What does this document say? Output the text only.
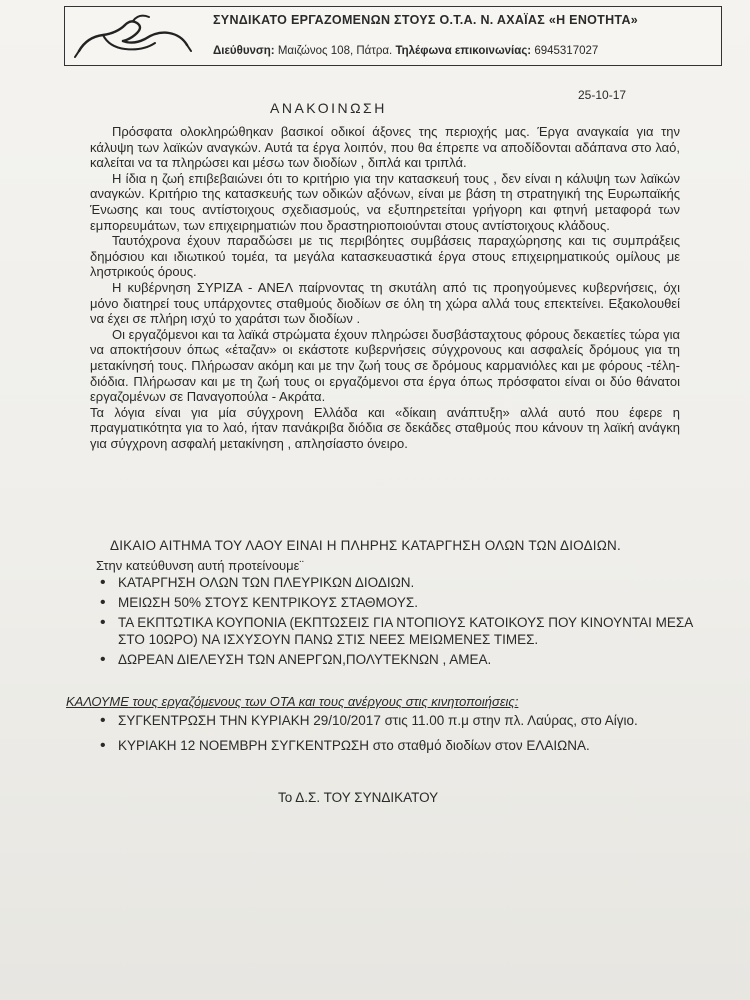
ΣΥΝΔΙΚΑΤΟ ΕΡΓΑΖΟΜΕΝΩΝ ΣΤΟΥΣ Ο.Τ.Α. Ν. ΑΧΑΪΑΣ «Η ΕΝΟΤΗΤΑ»
Διεύθυνση: Μαιζώνος 108, Πάτρα. Τηλέφωνα επικοινωνίας: 6945317027
25-10-17
ΑΝΑΚΟΙΝΩΣΗ

Πρόσφατα ολοκληρώθηκαν βασικοί οδικοί άξονες της περιοχής μας. Έργα αναγκαία για την κάλυψη των λαϊκών αναγκών. Αυτά τα έργα λοιπόν, που θα έπρεπε να αποδίδονται αδάπανα στο λαό, καλείται να τα πληρώσει και μέσω των διοδίων , διπλά και τριπλά.

Η ίδια η ζωή επιβεβαιώνει ότι το κριτήριο για την κατασκευή τους , δεν είναι η κάλυψη των λαϊκών αναγκών. Κριτήριο της κατασκευής των οδικών αξόνων, είναι με βάση τη στρατηγική της Ευρωπαϊκής Ένωσης και τους αντίστοιχους σχεδιασμούς, να εξυπηρετείται γρήγορη και φτηνή μεταφορά των εμπορευμάτων, των επιχειρηματιών που δραστηριοποιούνται στους αντίστοιχους κλάδους.

Ταυτόχρονα έχουν παραδώσει με τις περιβόητες συμβάσεις παραχώρησης και τις συμπράξεις δημόσιου και ιδιωτικού τομέα, τα μεγάλα κατασκευαστικά έργα στους επιχειρηματικούς ομίλους με ληστρικούς όρους.

Η κυβέρνηση ΣΥΡΙΖΑ - ΑΝΕΛ παίρνοντας τη σκυτάλη από τις προηγούμενες κυβερνήσεις, όχι μόνο διατηρεί τους υπάρχοντες σταθμούς διοδίων σε όλη τη χώρα αλλά τους επεκτείνει. Εξακολουθεί να έχει σε πλήρη ισχύ το χαράτσι των διοδίων .

Οι εργαζόμενοι και τα λαϊκά στρώματα έχουν πληρώσει δυσβάσταχτους φόρους δεκαετίες τώρα για να αποκτήσουν όπως «έταζαν» οι εκάστοτε κυβερνήσεις σύγχρονους και ασφαλείς δρόμους για τη μετακίνησή τους. Πλήρωσαν ακόμη και με την ζωή τους σε δρόμους καρμανιόλες και με φόρους -τέλη- διόδια. Πλήρωσαν και με τη ζωή τους οι εργαζόμενοι στα έργα όπως πρόσφατοι είναι οι δύο θάνατοι εργαζομένων σε Παναγοπούλα - Ακράτα.

Τα λόγια είναι για μία σύγχρονη Ελλάδα και «δίκαιη ανάπτυξη» αλλά αυτό που έφερε η πραγματικότητα για το λαό, ήταν πανάκριβα διόδια σε δεκάδες σταθμούς που κάνουν τη λαϊκή ανάγκη για σύγχρονη ασφαλή μετακίνηση , απλησίαστο όνειρο.

ΔΙΚΑΙΟ ΑΙΤΗΜΑ ΤΟΥ ΛΑΟΥ ΕΙΝΑΙ Η ΠΛΗΡΗΣ ΚΑΤΑΡΓΗΣΗ ΟΛΩΝ ΤΩΝ ΔΙΟΔΙΩΝ.
Στην κατεύθυνση αυτή προτείνουμε¨
• ΚΑΤΑΡΓΗΣΗ ΟΛΩΝ ΤΩΝ ΠΛΕΥΡΙΚΩΝ ΔΙΟΔΙΩΝ.
• ΜΕΙΩΣΗ 50% ΣΤΟΥΣ ΚΕΝΤΡΙΚΟΥΣ ΣΤΑΘΜΟΥΣ.
• ΤΑ ΕΚΠΤΩΤΙΚΑ ΚΟΥΠΟΝΙΑ (ΕΚΠΤΩΣΕΙΣ ΓΙΑ ΝΤΟΠΙΟΥΣ ΚΑΤΟΙΚΟΥΣ ΠΟΥ ΚΙΝΟΥΝΤΑΙ ΜΕΣΑ ΣΤΟ 10ΩΡΟ) ΝΑ ΙΣΧΥΣΟΥΝ ΠΑΝΩ ΣΤΙΣ ΝΕΕΣ ΜΕΙΩΜΕΝΕΣ ΤΙΜΕΣ.
• ΔΩΡΕΑΝ ΔΙΕΛΕΥΣΗ ΤΩΝ ΑΝΕΡΓΩΝ,ΠΟΛΥΤΕΚΝΩΝ , ΑΜΕΑ.
ΚΑΛΟΥΜΕ τους εργαζόμενους των ΟΤΑ και τους ανέργους στις κινητοποιήσεις:
• ΣΥΓΚΕΝΤΡΩΣΗ ΤΗΝ ΚΥΡΙΑΚΗ 29/10/2017 στις 11.00 π.μ στην πλ. Λαύρας, στο Αίγιο.
• ΚΥΡΙΑΚΗ 12 ΝΟΕΜΒΡΗ ΣΥΓΚΕΝΤΡΩΣΗ στο σταθμό διοδίων στον ΕΛΑΙΩΝΑ.
Το Δ.Σ. ΤΟΥ ΣΥΝΔΙΚΑΤΟΥ
